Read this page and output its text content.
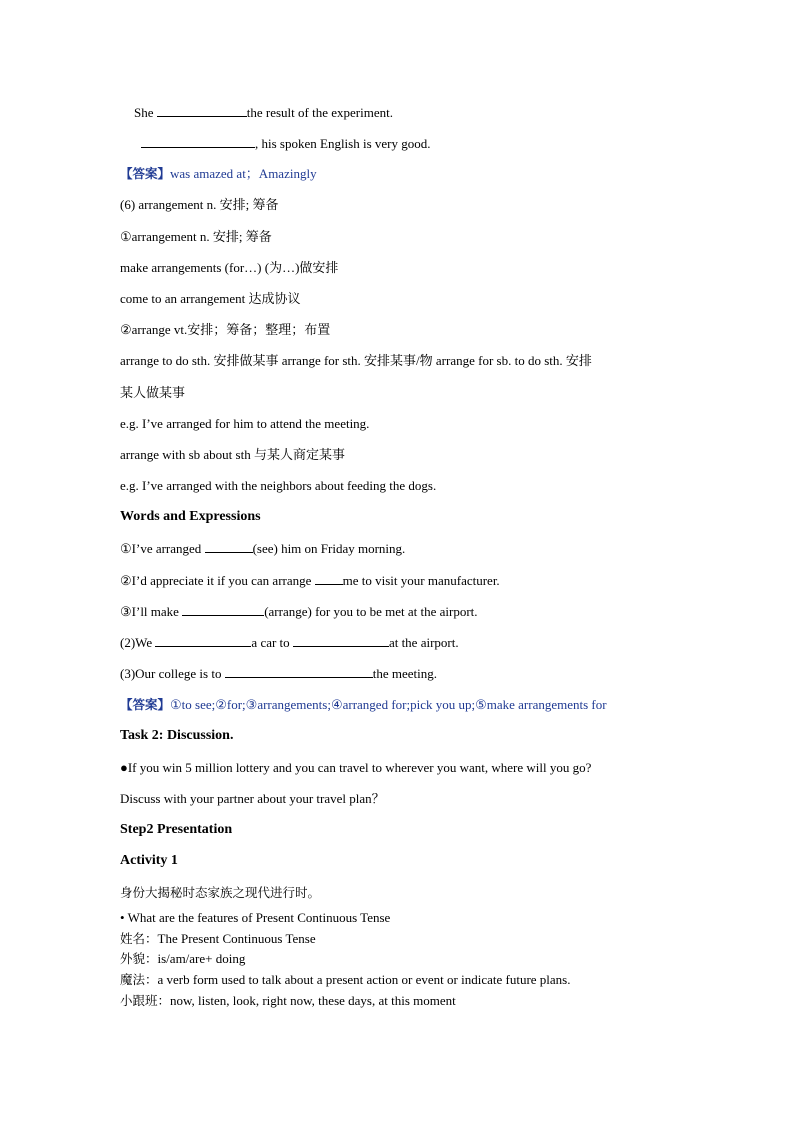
She	the result of the experiment.
, his spoken English is very good.
【答案】was amazed at；Amazingly
(6) arrangement n. 安排; 筹备
①arrangement n. 安排; 筹备
make arrangements (for…) (为…)做安排
come to an arrangement 达成协议
②arrange vt.安排；筹备；整理；布置
arrange to do sth. 安排做某事 arrange for sth. 安排某事/物 arrange for sb. to do sth. 安排
某人做某事
e.g. I’ve arranged for him to attend the meeting.
arrange with sb about sth 与某人商定某事
e.g. I’ve arranged with the neighbors about feeding the dogs.
Words and Expressions
①I’ve arranged	(see) him on Friday morning.
②I’d appreciate it if you can arrange me to visit your manufacturer.
③I’ll make	(arrange) for you to be met at the airport.
(2)We	a car to	at the airport.
(3)Our college is to	the meeting.
【答案】①to see;②for;③arrangements;④arranged for;pick you up;⑤make arrangements for
Task 2: Discussion.
●If you win 5 million lottery and you can travel to wherever you want, where will you go?
Discuss with your partner about your travel plan？
Step2 Presentation
Activity 1
身份大揭秘时态家族之现代进行时。
• What are the features of Present Continuous Tense
姓名：The Present Continuous Tense
外貌：is/am/are+ doing
魔法：a verb form used to talk about a present action or event or indicate future plans.
小跟班：now, listen, look, right now, these days, at this moment
